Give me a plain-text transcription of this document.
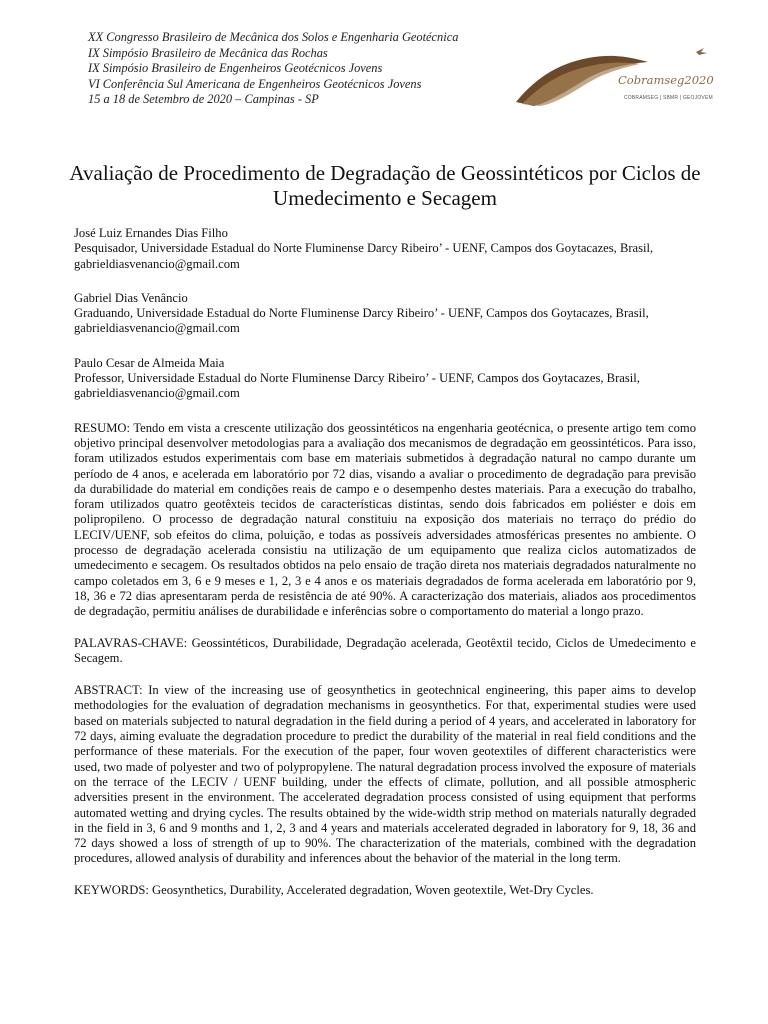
XX Congresso Brasileiro de Mecânica dos Solos e Engenharia Geotécnica
IX Simpósio Brasileiro de Mecânica das Rochas
IX Simpósio Brasileiro de Engenheiros Geotécnicos Jovens
VI Conferência Sul Americana de Engenheiros Geotécnicos Jovens
15 a 18 de Setembro de 2020 – Campinas - SP
Cobramseg2020
COBRAMSEG | SBMR | GEOJOVEM
Avaliação de Procedimento de Degradação de Geossintéticos por Ciclos de Umedecimento e Secagem
José Luiz Ernandes Dias Filho
Pesquisador, Universidade Estadual do Norte Fluminense Darcy Ribeiro’ - UENF, Campos dos Goytacazes, Brasil, gabrieldiasvenancio@gmail.com
Gabriel Dias Venâncio
Graduando, Universidade Estadual do Norte Fluminense Darcy Ribeiro’ - UENF, Campos dos Goytacazes, Brasil, gabrieldiasvenancio@gmail.com
Paulo Cesar de Almeida Maia
Professor, Universidade Estadual do Norte Fluminense Darcy Ribeiro’ - UENF, Campos dos Goytacazes, Brasil, gabrieldiasvenancio@gmail.com

RESUMO: Tendo em vista a crescente utilização dos geossintéticos na engenharia geotécnica, o presente artigo tem como objetivo principal desenvolver metodologias para a avaliação dos mecanismos de degradação em geossintéticos. Para isso, foram utilizados estudos experimentais com base em materiais submetidos à degradação natural no campo durante um período de 4 anos, e acelerada em laboratório por 72 dias, visando a avaliar o procedimento de degradação para previsão da durabilidade do material em condições reais de campo e o desempenho destes materiais. Para a execução do trabalho, foram utilizados quatro geotêxteis tecidos de características distintas, sendo dois fabricados em poliéster e dois em polipropileno. O processo de degradação natural constituiu na exposição dos materiais no terraço do prédio do LECIV/UENF, sob efeitos do clima, poluição, e todas as possíveis adversidades atmosféricas presentes no ambiente. O processo de degradação acelerada consistiu na utilização de um equipamento que realiza ciclos automatizados de umedecimento e secagem. Os resultados obtidos na pelo ensaio de tração direta nos materiais degradados naturalmente no campo coletados em 3, 6 e 9 meses e 1, 2, 3 e 4 anos e os materiais degradados de forma acelerada em laboratório por 9, 18, 36 e 72 dias apresentaram perda de resistência de até 90%. A caracterização dos materiais, aliados aos procedimentos de degradação, permitiu análises de durabilidade e inferências sobre o comportamento do material a longo prazo.

PALAVRAS-CHAVE: Geossintéticos, Durabilidade, Degradação acelerada, Geotêxtil tecido, Ciclos de Umedecimento e Secagem.

ABSTRACT: In view of the increasing use of geosynthetics in geotechnical engineering, this paper aims to develop methodologies for the evaluation of degradation mechanisms in geosynthetics. For that, experimental studies were used based on materials subjected to natural degradation in the field during a period of 4 years, and accelerated in laboratory for 72 days, aiming evaluate the degradation procedure to predict the durability of the material in real field conditions and the performance of these materials. For the execution of the paper, four woven geotextiles of different characteristics were used, two made of polyester and two of polypropylene. The natural degradation process involved the exposure of materials on the terrace of the LECIV / UENF building, under the effects of climate, pollution, and all possible atmospheric adversities present in the environment. The accelerated degradation process consisted of using equipment that performs automated wetting and drying cycles. The results obtained by the wide-width strip method on materials naturally degraded in the field in 3, 6 and 9 months and 1, 2, 3 and 4 years and materials accelerated degraded in laboratory for 9, 18, 36 and 72 days showed a loss of strength of up to 90%. The characterization of the materials, combined with the degradation procedures, allowed analysis of durability and inferences about the behavior of the material in the long term.

KEYWORDS: Geosynthetics, Durability, Accelerated degradation, Woven geotextile, Wet-Dry Cycles.
